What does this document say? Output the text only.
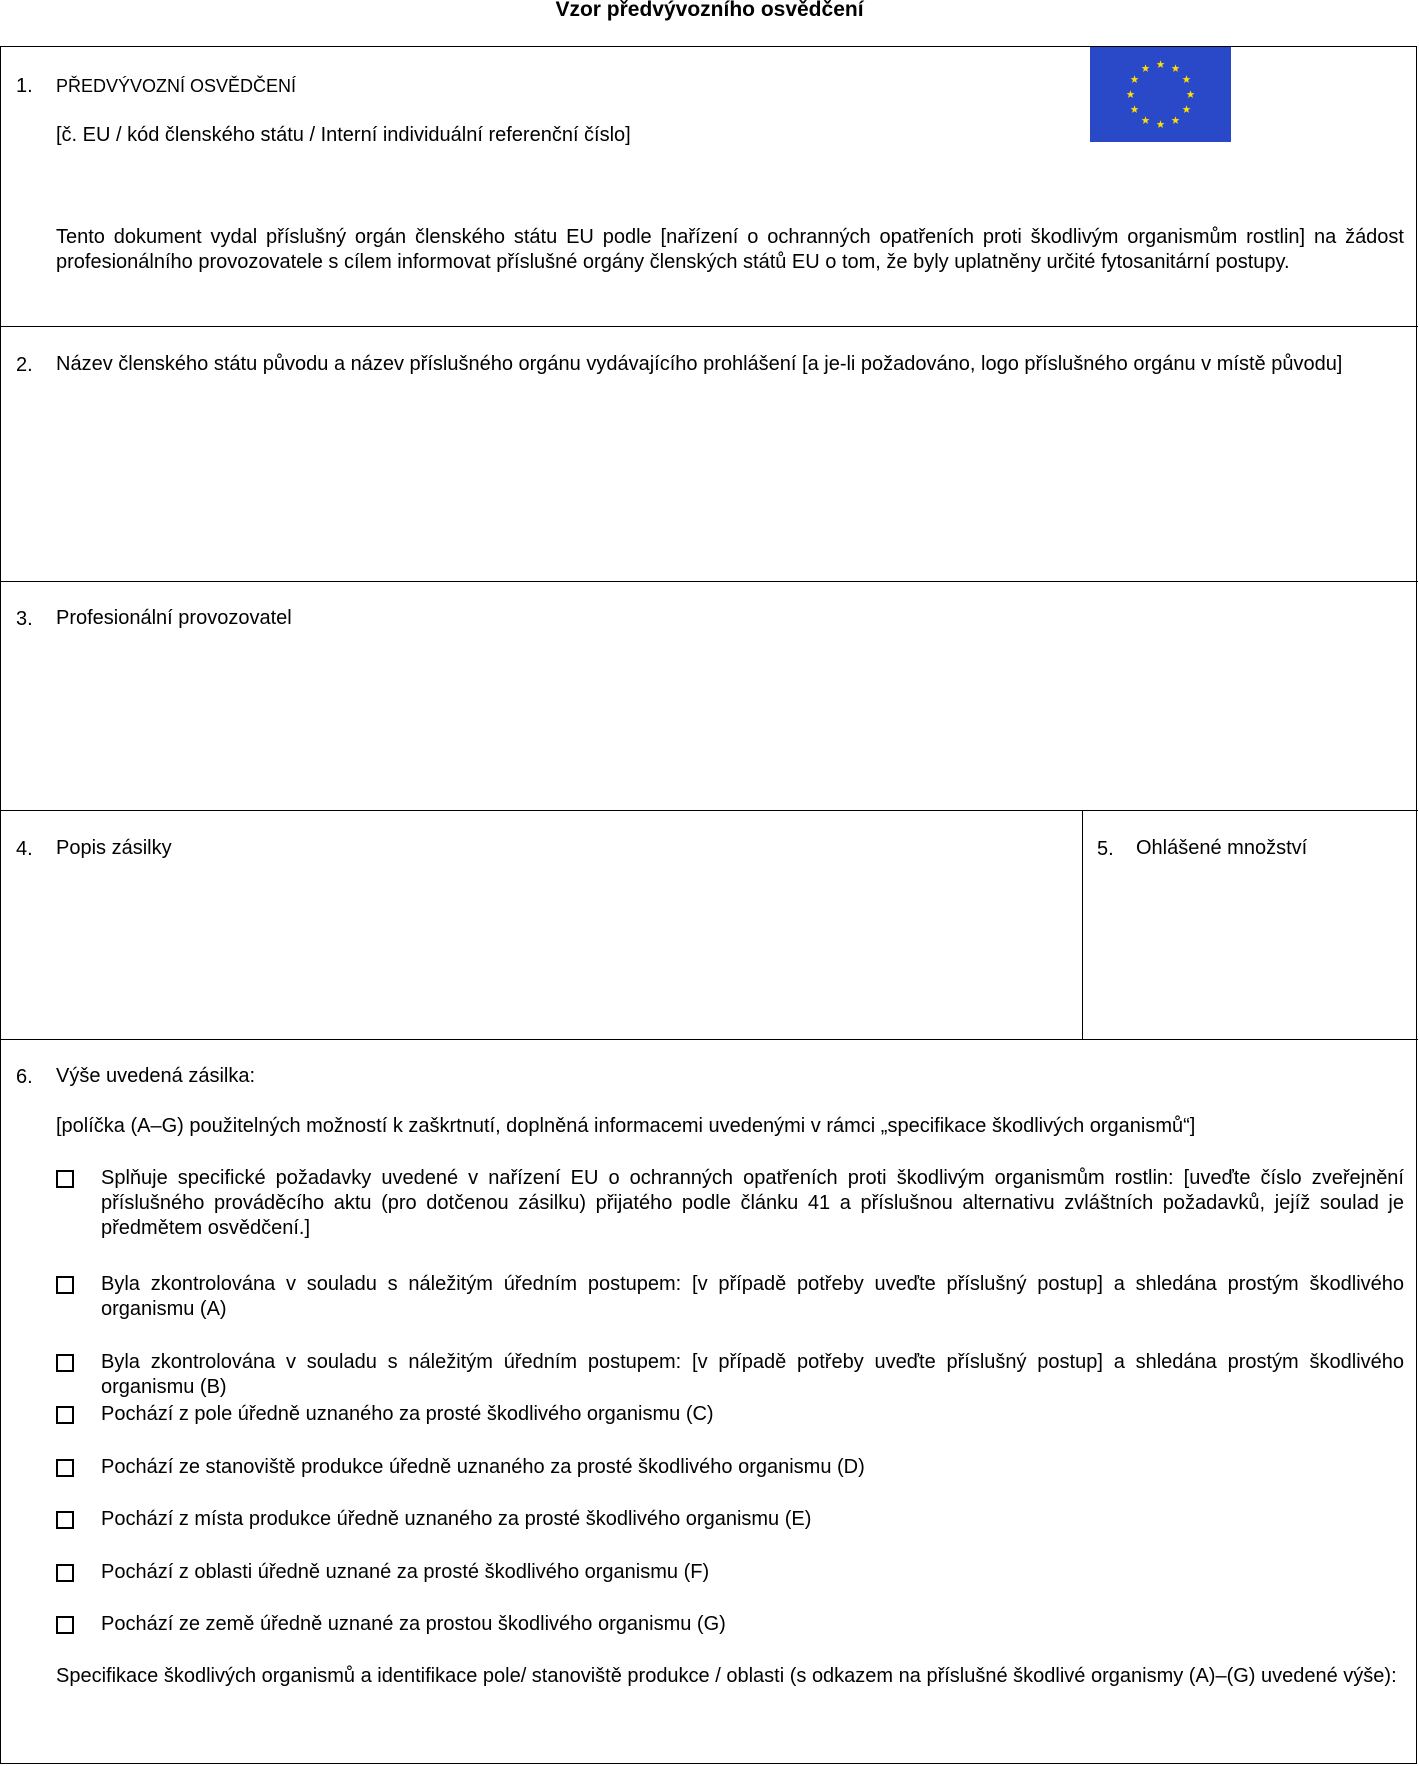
Vzor předvývozního osvědčení
1. PŘEDVÝVOZNÍ OSVĚDČENÍ
[č. EU / kód členského státu / Interní individuální referenční číslo]
Tento dokument vydal příslušný orgán členského státu EU podle [nařízení o ochranných opatřeních proti škodlivým organismům rostlin] na žádost profesionálního provozovatele s cílem informovat příslušné orgány členských států EU o tom, že byly uplatněny určité fytosanitární postupy.
2. Název členského státu původu a název příslušného orgánu vydávajícího prohlášení [a je-li požadováno, logo příslušného orgánu v místě původu]
3. Profesionální provozovatel
4. Popis zásilky	5. Ohlášené množství
6. Výše uvedená zásilka:
[políčka (A–G) použitelných možností k zaškrtnutí, doplněná informacemi uvedenými v rámci „specifikace škodlivých organismů“]
Splňuje specifické požadavky uvedené v nařízení EU o ochranných opatřeních proti škodlivým organismům rostlin: [uveďte číslo zveřejnění příslušného prováděcího aktu (pro dotčenou zásilku) přijatého podle článku 41 a příslušnou alternativu zvláštních požadavků, jejíž soulad je předmětem osvědčení.]
Byla zkontrolována v souladu s náležitým úředním postupem: [v případě potřeby uveďte příslušný postup] a shledána prostým škodlivého organismu (A)
Byla zkontrolována v souladu s náležitým úředním postupem: [v případě potřeby uveďte příslušný postup] a shledána prostým škodlivého organismu (B)
Pochází z pole úředně uznaného za prosté škodlivého organismu (C)
Pochází ze stanoviště produkce úředně uznaného za prosté škodlivého organismu (D)
Pochází z místa produkce úředně uznaného za prosté škodlivého organismu (E)
Pochází z oblasti úředně uznané za prosté škodlivého organismu (F)
Pochází ze země úředně uznané za prostou škodlivého organismu (G)
Specifikace škodlivých organismů a identifikace pole/ stanoviště produkce / oblasti (s odkazem na příslušné škodlivé organismy (A)–(G) uvedené výše):
